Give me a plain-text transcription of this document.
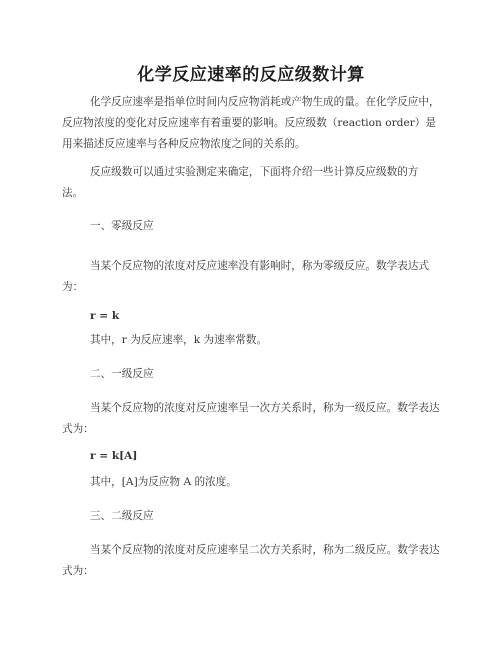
化学反应速率的反应级数计算
化学反应速率是指单位时间内反应物消耗或产物生成的量。在化学反应中，反应物浓度的变化对反应速率有着重要的影响。反应级数（reaction order）是用来描述反应速率与各种反应物浓度之间的关系的。
反应级数可以通过实验测定来确定，下面将介绍一些计算反应级数的方法。
一、零级反应
当某个反应物的浓度对反应速率没有影响时，称为零级反应。数学表达式为：
r = k
其中，r 为反应速率，k 为速率常数。
二、一级反应
当某个反应物的浓度对反应速率呈一次方关系时，称为一级反应。数学表达式为：
r = k[A]
其中，[A]为反应物 A 的浓度。
三、二级反应
当某个反应物的浓度对反应速率呈二次方关系时，称为二级反应。数学表达式为：
